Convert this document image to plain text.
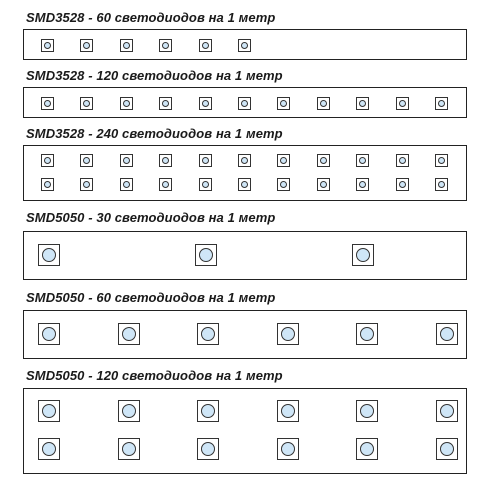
SMD3528 - 60 светодиодов на 1 метр
SMD3528 - 120 светодиодов на 1 метр
SMD3528 - 240 светодиодов на 1 метр
SMD5050 - 30 светодиодов на 1 метр
SMD5050 - 60 светодиодов на 1 метр
SMD5050 - 120 светодиодов на 1 метр
